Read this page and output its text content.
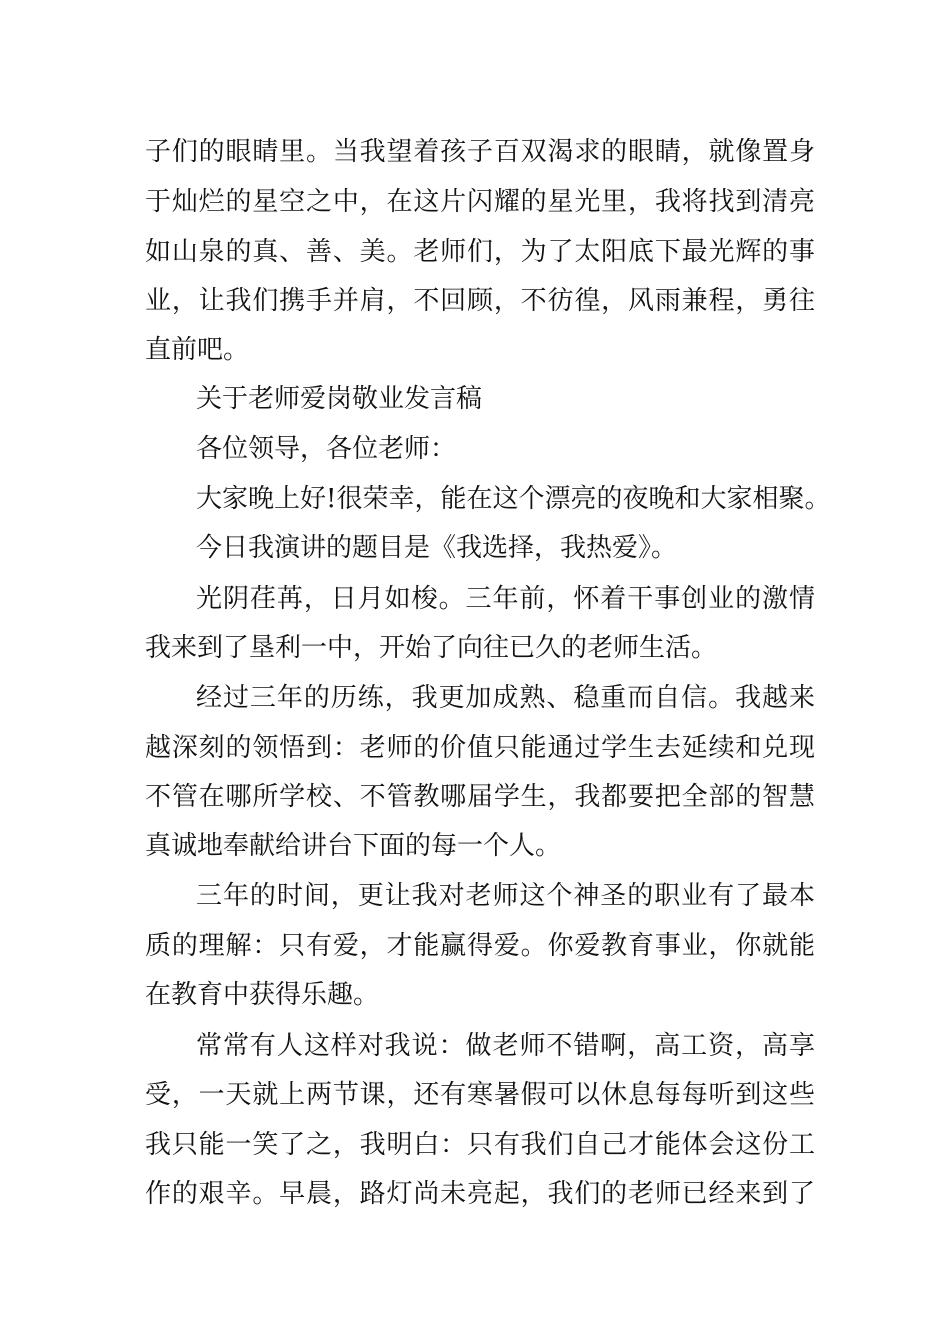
子们的眼睛里。当我望着孩子百双渴求的眼睛，就像置身
于灿烂的星空之中，在这片闪耀的星光里，我将找到清亮
如山泉的真、善、美。老师们，为了太阳底下最光辉的事
业，让我们携手并肩，不回顾，不彷徨，风雨兼程，勇往
直前吧。
关于老师爱岗敬业发言稿
各位领导，各位老师：
大家晚上好!很荣幸，能在这个漂亮的夜晚和大家相聚。
今日我演讲的题目是《我选择，我热爱》。
光阴荏苒，日月如梭。三年前，怀着干事创业的激情
我来到了垦利一中，开始了向往已久的老师生活。
经过三年的历练，我更加成熟、稳重而自信。我越来
越深刻的领悟到：老师的价值只能通过学生去延续和兑现
不管在哪所学校、不管教哪届学生，我都要把全部的智慧
真诚地奉献给讲台下面的每一个人。
三年的时间，更让我对老师这个神圣的职业有了最本
质的理解：只有爱，才能赢得爱。你爱教育事业，你就能
在教育中获得乐趣。
常常有人这样对我说：做老师不错啊，高工资，高享
受，一天就上两节课，还有寒暑假可以休息每每听到这些
我只能一笑了之，我明白：只有我们自己才能体会这份工
作的艰辛。早晨，路灯尚未亮起，我们的老师已经来到了
